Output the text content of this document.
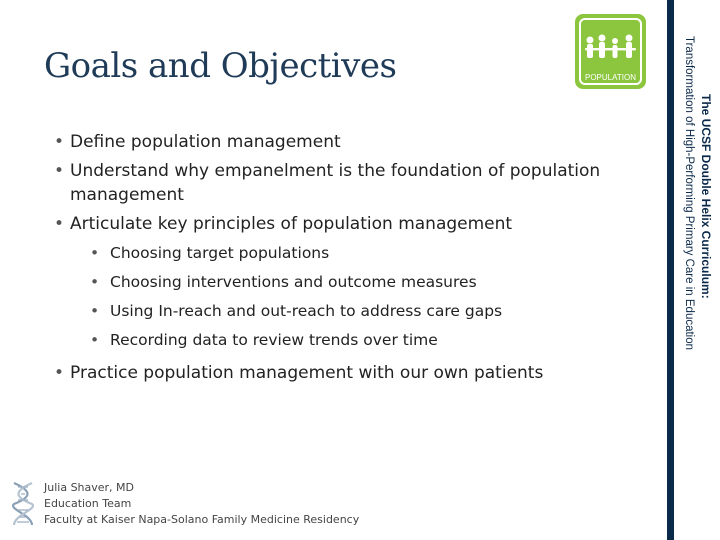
Goals and Objectives	POPULATION
The UCSF Double Helix Curriculum:
Transformation of High-Performing Primary Care in Education
• Define population management
• Understand why empanelment is the foundation of population management
• Articulate key principles of population management
• Choosing target populations
• Choosing interventions and outcome measures
• Using In-reach and out-reach to address care gaps
• Recording data to review trends over time
• Practice population management with our own patients
Julia Shaver, MD
Education Team
Faculty at Kaiser Napa-Solano Family Medicine Residency
